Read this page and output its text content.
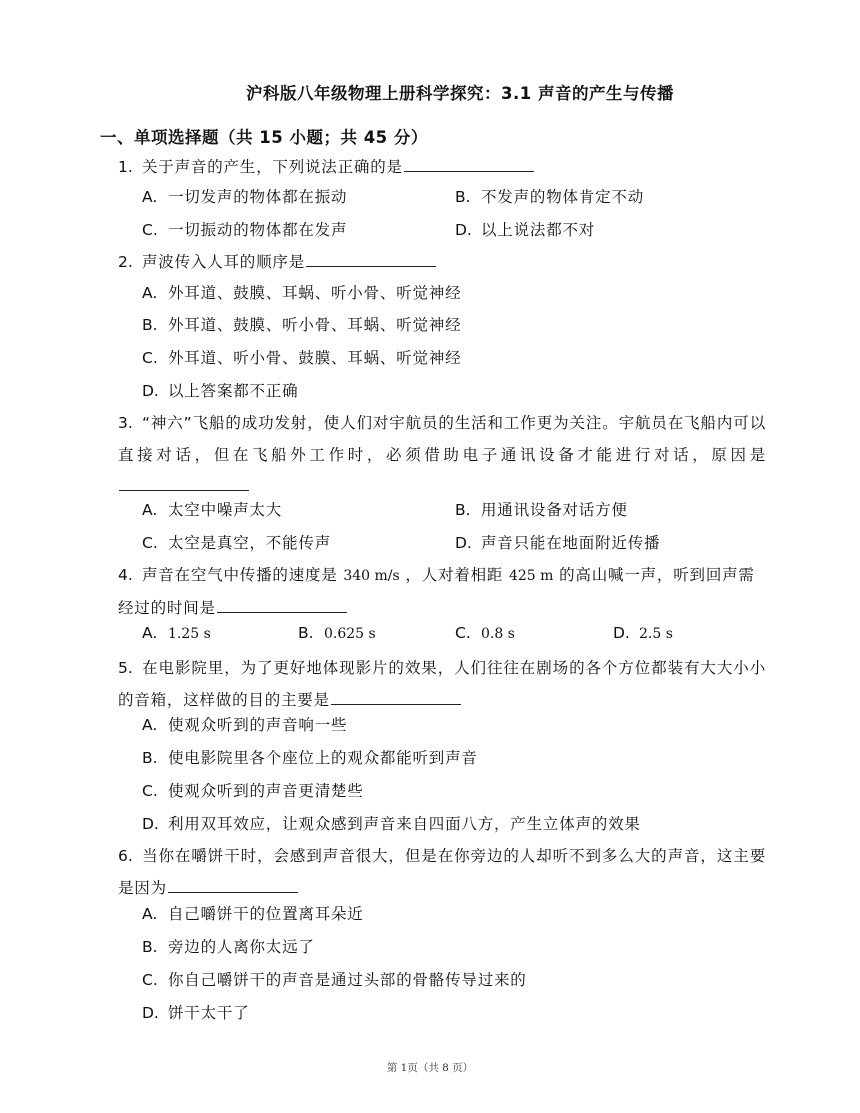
沪科版八年级物理上册科学探究：3.1 声音的产生与传播
一、单项选择题（共 15 小题；共 45 分）
1. 关于声音的产生，下列说法正确的是
A. 一切发声的物体都在振动	B. 不发声的物体肯定不动
C. 一切振动的物体都在发声	D. 以上说法都不对
2. 声波传入人耳的顺序是
A. 外耳道、鼓膜、耳蜗、听小骨、听觉神经
B. 外耳道、鼓膜、听小骨、耳蜗、听觉神经
C. 外耳道、听小骨、鼓膜、耳蜗、听觉神经
D. 以上答案都不正确
3. “神六”飞船的成功发射，使人们对宇航员的生活和工作更为关注。宇航员在飞船内可以直接对话，但在飞船外工作时，必须借助电子通讯设备才能进行对话，原因是
A. 太空中噪声太大	B. 用通讯设备对话方便
C. 太空是真空，不能传声	D. 声音只能在地面附近传播
4. 声音在空气中传播的速度是 340 m/s ，人对着相距 425 m 的高山喊一声，听到回声需经过的时间是
A. 1.25 s	B. 0.625 s	C. 0.8 s	D. 2.5 s
5. 在电影院里，为了更好地体现影片的效果，人们往往在剧场的各个方位都装有大大小小的音箱，这样做的目的主要是
A. 使观众听到的声音响一些
B. 使电影院里各个座位上的观众都能听到声音
C. 使观众听到的声音更清楚些
D. 利用双耳效应，让观众感到声音来自四面八方，产生立体声的效果
6. 当你在嚼饼干时，会感到声音很大，但是在你旁边的人却听不到多么大的声音，这主要是因为
A. 自己嚼饼干的位置离耳朵近
B. 旁边的人离你太远了
C. 你自己嚼饼干的声音是通过头部的骨骼传导过来的
D. 饼干太干了
第 1页（共 8 页）
